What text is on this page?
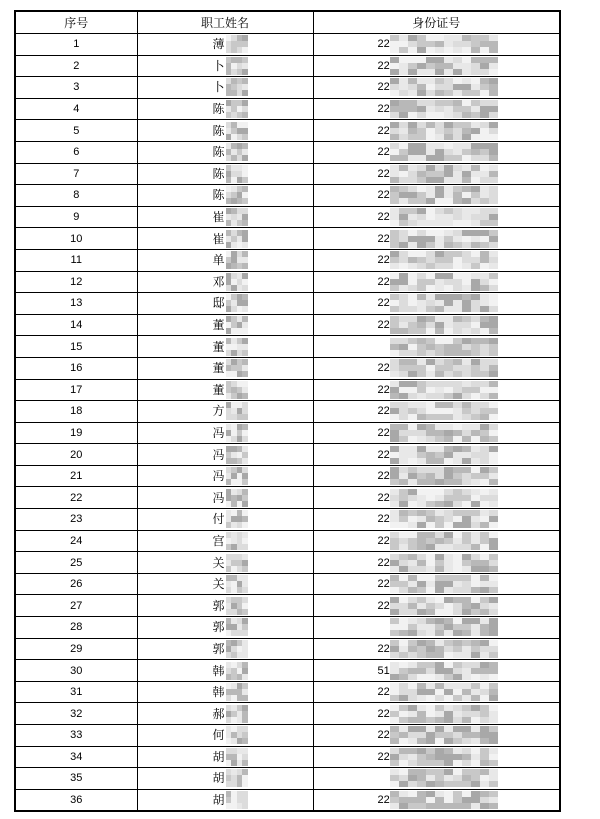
序号	职工姓名	身份证号
1	薄	22

2	卜	22

3	卜	22

4	陈	22

5	陈	22

6	陈	22

7	陈	22

8	陈	22

9	崔	22

10	崔	22

11	单	22

12	邓	22

13	邸	22

14	董	22

15	董	

16	董	22

17	董	22

18	方	22

19	冯	22

20	冯	22

21	冯	22

22	冯	22

23	付	22

24	宫	22

25	关	22

26	关	22

27	郭	22

28	郭	

29	郭	22

30	韩	51

31	韩	22

32	郝	22

33	何	22

34	胡	22

35	胡	

36	胡	22
